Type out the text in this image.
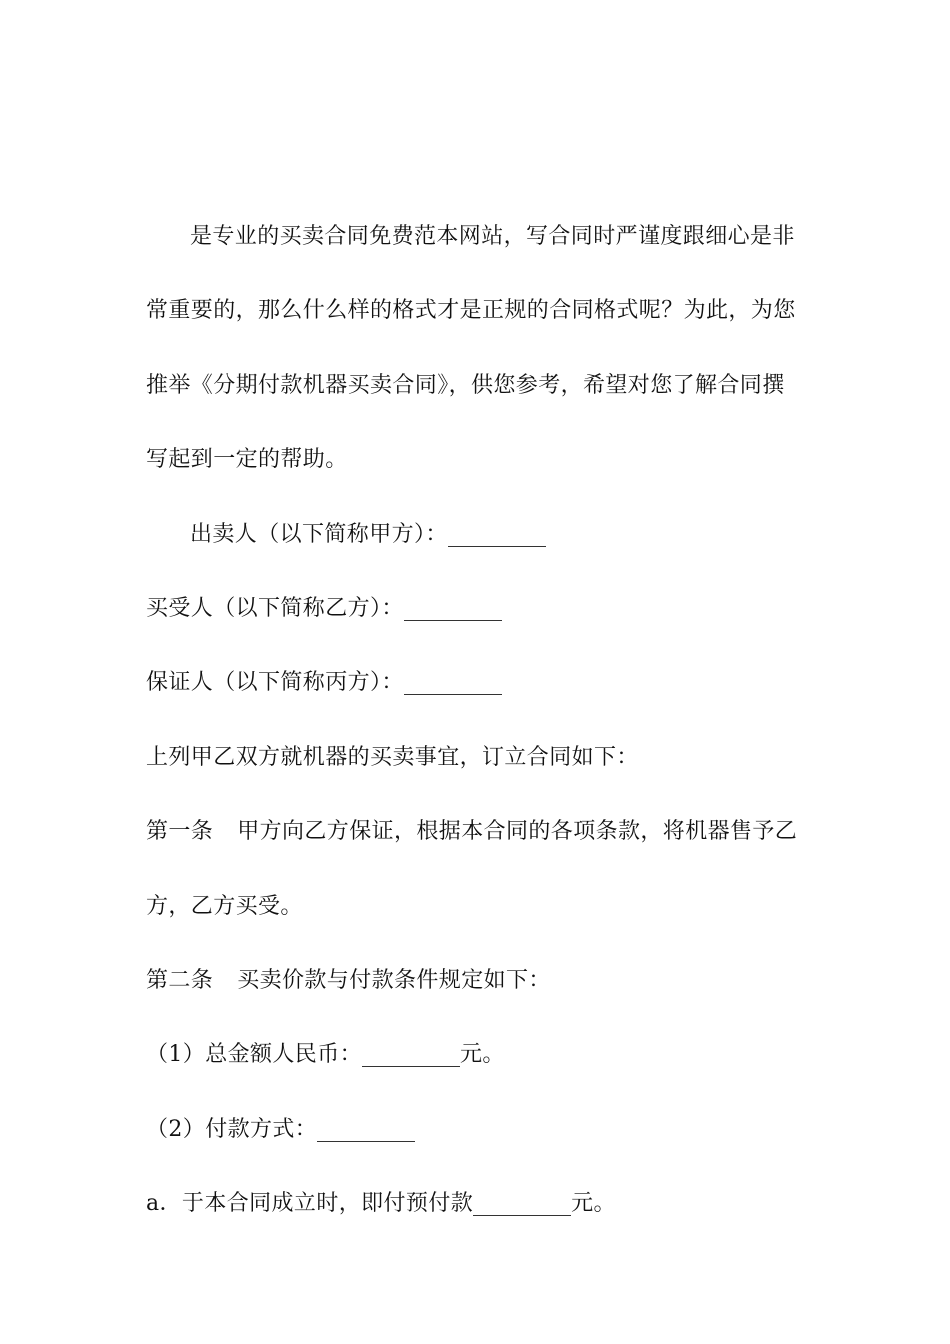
是专业的买卖合同免费范本网站，写合同时严谨度跟细心是非常重要的，那么什么样的格式才是正规的合同格式呢？为此，为您推举《分期付款机器买卖合同》，供您参考，希望对您了解合同撰写起到一定的帮助。

出卖人（以下简称甲方）：

买受人（以下简称乙方）：

保证人（以下简称丙方）：

上列甲乙双方就机器的买卖事宜，订立合同如下：

第一条 甲方向乙方保证，根据本合同的各项条款，将机器售予乙方，乙方买受。

第二条 买卖价款与付款条件规定如下：

（1）总金额人民币：	元。

（2）付款方式：

a．于本合同成立时，即付预付款	元。
